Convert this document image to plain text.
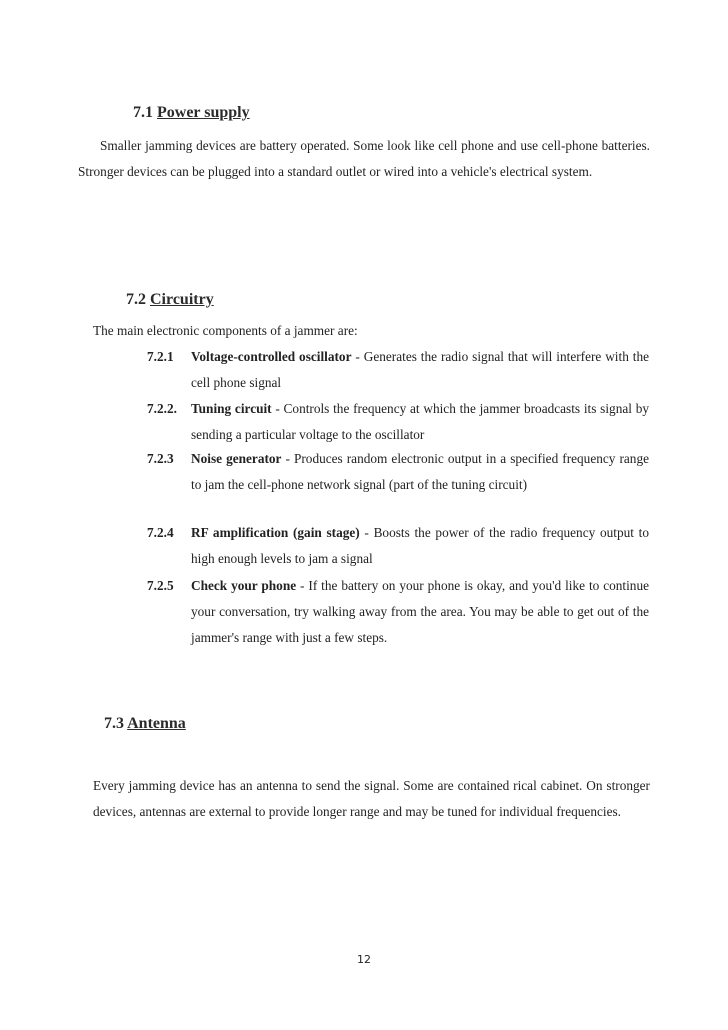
7.1 Power supply
Smaller jamming devices are battery operated. Some look like cell phone and use cell-phone batteries. Stronger devices can be plugged into a standard outlet or wired into a vehicle's electrical system.
7.2 Circuitry
The main electronic components of a jammer are:
7.2.1 Voltage-controlled oscillator - Generates the radio signal that will interfere with the cell phone signal
7.2.2. Tuning circuit - Controls the frequency at which the jammer broadcasts its signal by sending a particular voltage to the oscillator
7.2.3 Noise generator - Produces random electronic output in a specified frequency range to jam the cell-phone network signal (part of the tuning circuit)
7.2.4 RF amplification (gain stage) - Boosts the power of the radio frequency output to high enough levels to jam a signal
7.2.5 Check your phone - If the battery on your phone is okay, and you'd like to continue      your conversation, try walking away from the area. You may be able to get out of the jammer's range with just a few steps.
7.3 Antenna
Every jamming device has an antenna to send the signal. Some are contained rical cabinet. On stronger devices, antennas are external to provide longer range and may be tuned for individual frequencies.
12
